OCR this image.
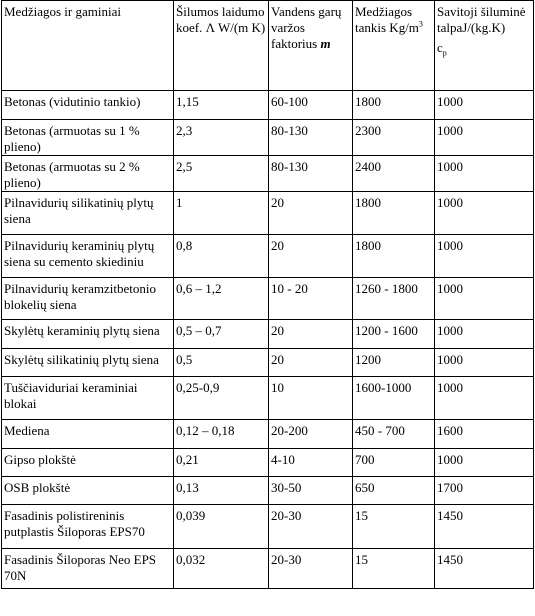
Medžiagos ir gaminiai	Šilumos laidumo koef. Λ W/(m K)	Vandens garų varžos faktorius m	Medžiagos tankis $Kg/m^3$	Savitoji šiluminė talpaJ/(kg.K)
$c_p$

Betonas (vidutinio tankio)	1,15	60-100	1800	1000
Betonas (armuotas su 1 % plieno)	2,3	80-130	2300	1000
Betonas (armuotas su 2 % plieno)	2,5	80-130	2400	1000
Pilnavidurių silikatinių plytų siena	1	20	1800	1000
Pilnavidurių keraminių plytų siena su cemento skiediniu	0,8	20	1800	1000
Pilnavidurių keramzitbetonio blokelių siena	0,6 – 1,2	10 - 20	1260 - 1800	1000
Skylėtų keraminių plytų siena	0,5 – 0,7	20	1200 - 1600	1000
Skylėtų silikatinių plytų siena	0,5	20	1200	1000
Tuščiaviduriai keraminiai blokai	0,25-0,9	10	1600-1000	1000
Mediena	0,12 – 0,18	20-200	450 - 700	1600
Gipso plokštė	0,21	4-10	700	1000
OSB plokštė	0,13	30-50	650	1700
Fasadinis polistireninis putplastis Šiloporas EPS70	0,039	20-30	15	1450
Fasadinis Šiloporas Neo EPS 70N	0,032	20-30	15	1450
